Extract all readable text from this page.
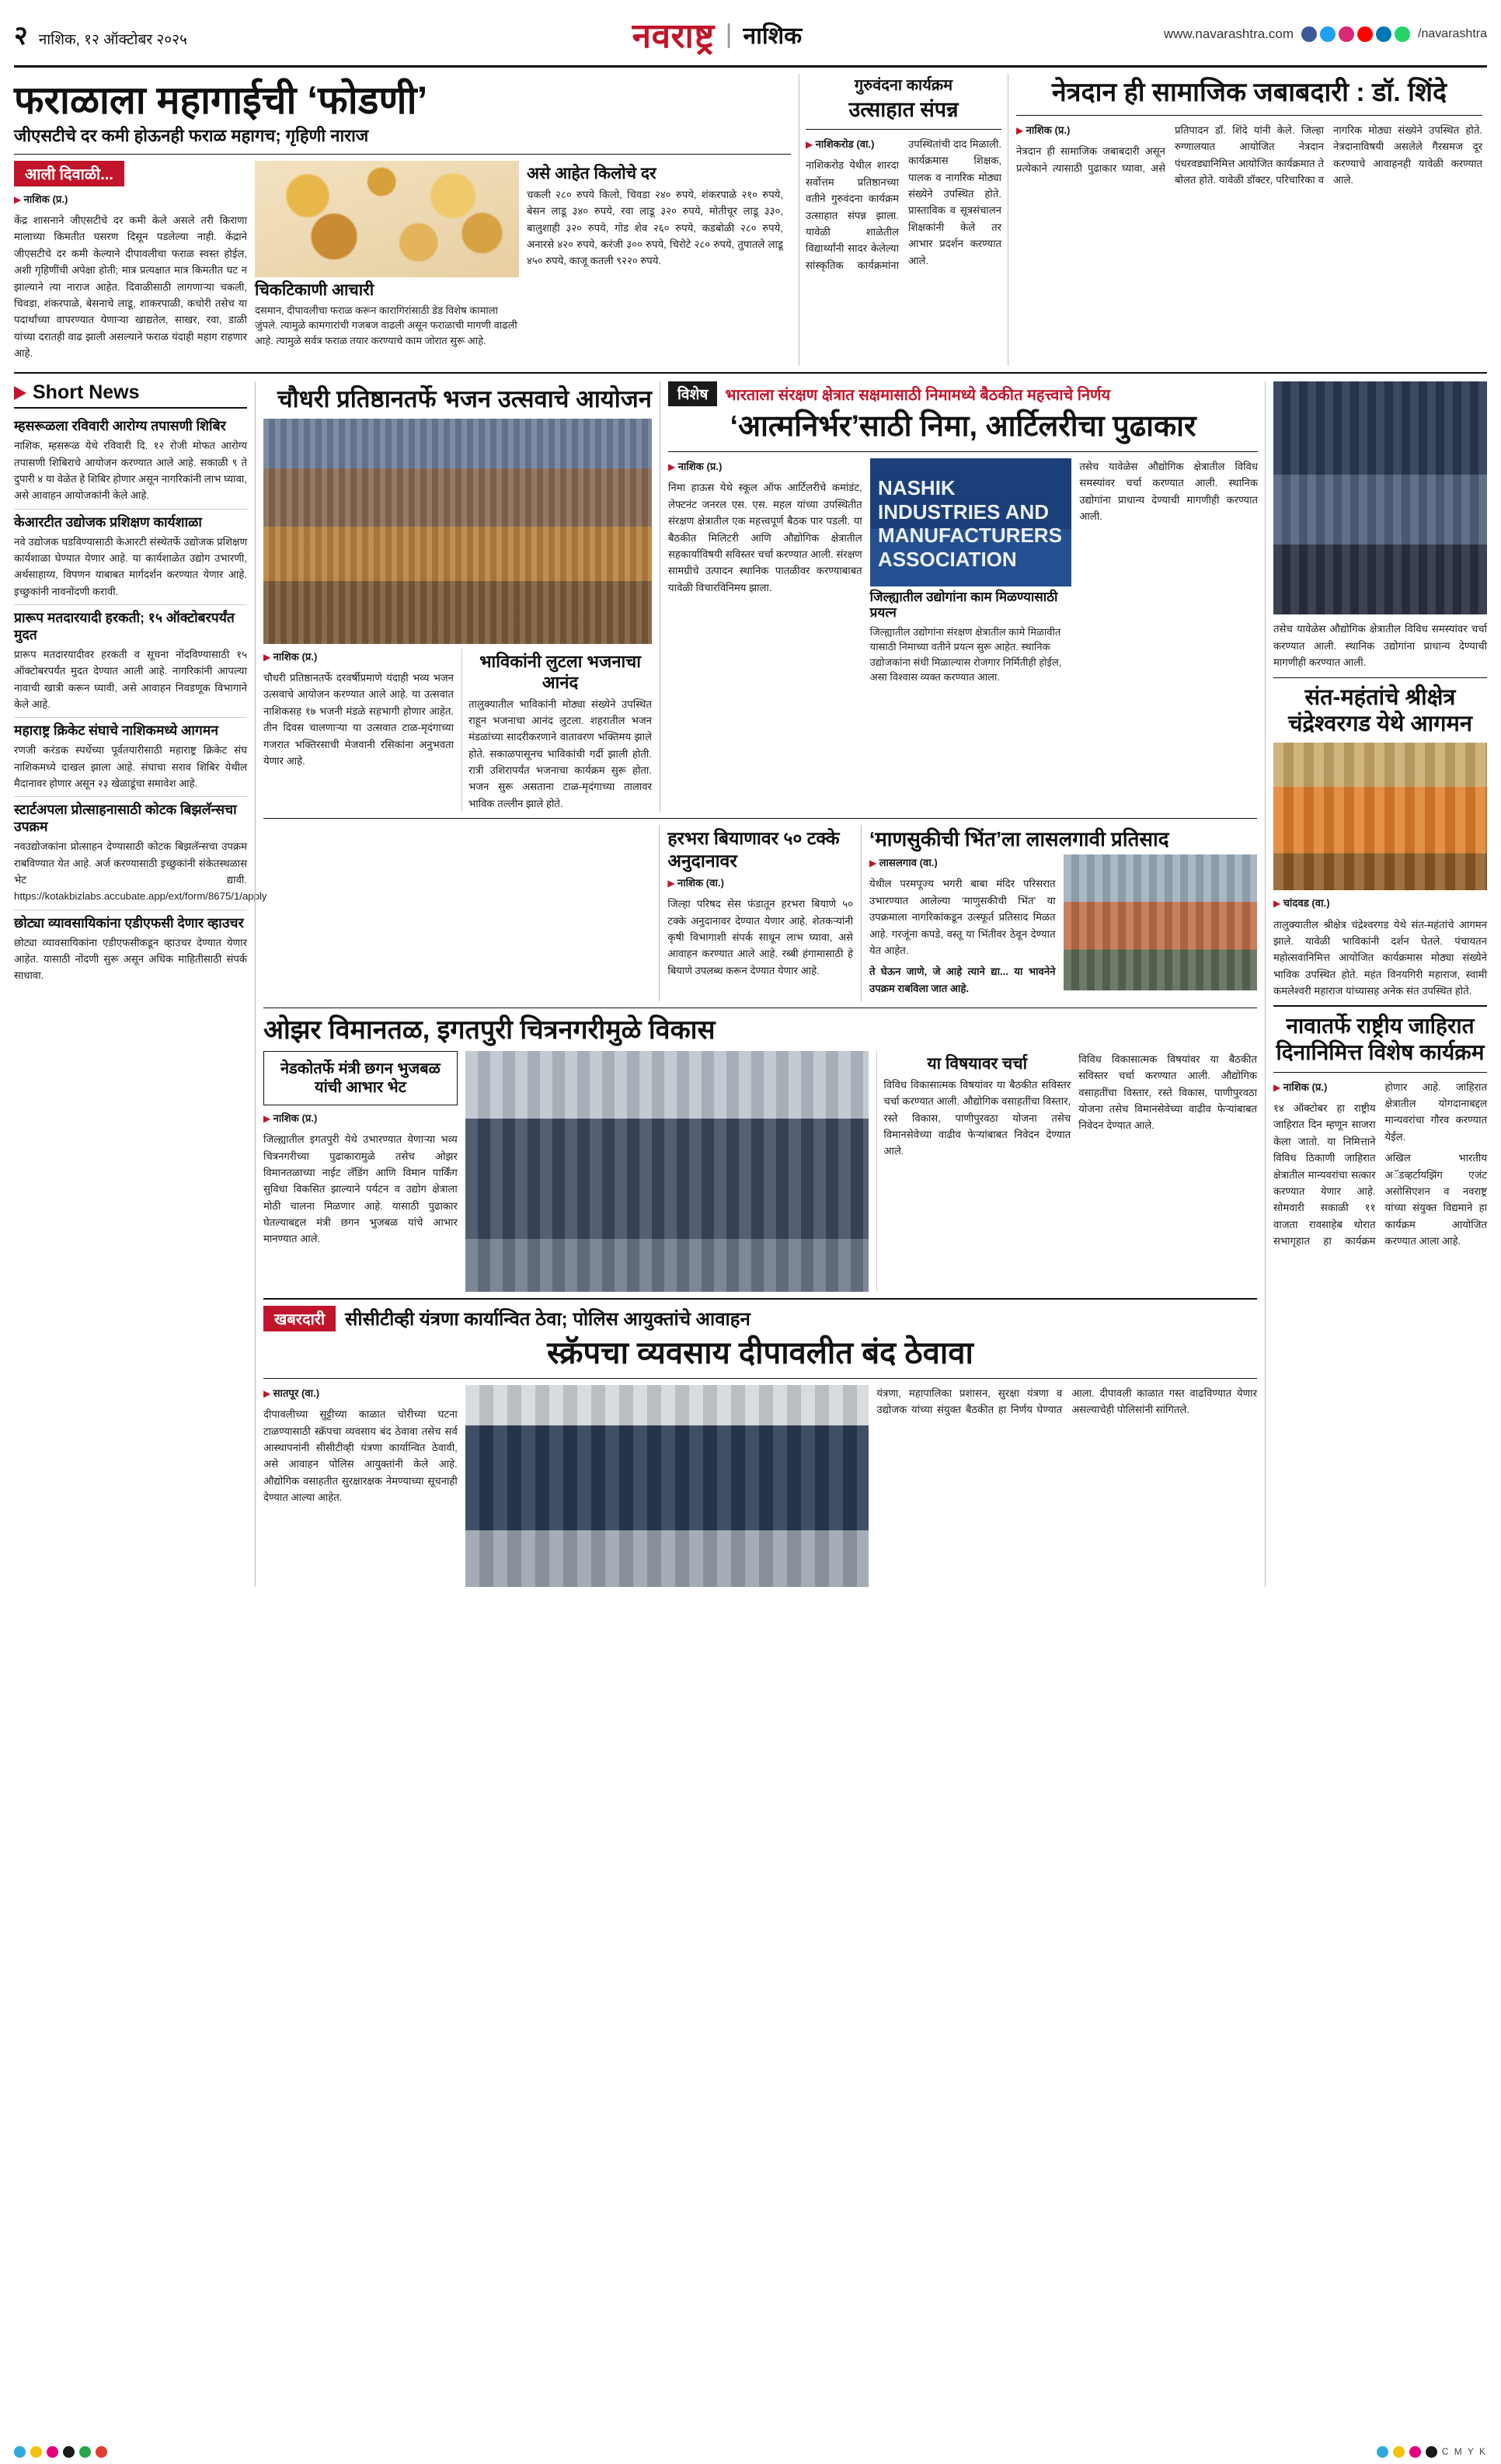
२ नाशिक, १२ ऑक्टोबर २०२५	नवराष्ट्र | नाशिक	www.navarashtra.com	/navarashtra
फराळाला महागाईची ‘फोडणी’
जीएसटीचे दर कमी होऊनही फराळ महागच; गृहिणी नाराज
आली दिवाळी...

▶ नाशिक (प्र.)

केंद्र शासनाने जीएसटीचे दर कमी केले असले तरी किराणा मालाच्या किमतीत घसरण दिसून पडलेल्या नाही. केंद्राने जीएसटीचे दर कमी केल्याने दीपावलीचा फराळ स्वस्त होईल, अशी गृहिणींची अपेक्षा होती; मात्र प्रत्यक्षात मात्र किमतीत घट न झाल्याने त्या नाराज आहेत. दिवाळीसाठी लागणाऱ्या चकली, चिवडा, शंकरपाळे, बेसनाचे लाडू, शाकरपाळी, कचोरी तसेच या पदार्थांच्या वापरण्यात येणाऱ्या खाद्यतेल, साखर, रवा, डाळी यांच्या दरातही वाढ झाली असल्याने फराळ यंदाही महाग राहणार आहे.

चिकटिकाणी आचारी
दसमान, दीपावलीचा फराळ करून कारागिरांसाठी डेड विशेष कामाला जुंपले. त्यामुळे कामगारांची गजबज वाढली असून फराळाची मागणी वाढली आहे. त्यामुळे सर्वत्र फराळ तयार करण्याचे काम जोरात सुरू आहे.
असे आहेत किलोचे दर
चकली २८० रुपये किलो, चिवडा २४० रुपये, शंकरपाळे २१० रुपये, बेसन लाडू ३४० रुपये, रवा लाडू ३२० रुपये, मोतीचूर लाडू ३३०, बालुशाही ३२० रुपये, गोड शेव २६० रुपये, कडबोळी २८० रुपये, अनारसे ४२० रुपये, करंजी ३०० रुपये, चिरोटे २८० रुपये, तुपातले लाडू ४५० रुपये, काजू कतली ९२२० रुपये.
गुरुवंदना कार्यक्रम
उत्साहात संपन्न

▶ नाशिकरोड (वा.)

नाशिकरोड येथील शारदा सर्वोत्तम प्रतिष्ठानच्या वतीने गुरुवंदना कार्यक्रम उत्साहात संपन्न झाला. यावेळी शाळेतील विद्यार्थ्यांनी सादर केलेल्या सांस्कृतिक कार्यक्रमांना उपस्थितांची दाद मिळाली. कार्यक्रमास शिक्षक, पालक व नागरिक मोठ्या संख्येने उपस्थित होते. प्रास्ताविक व सूत्रसंचालन शिक्षकांनी केले तर आभार प्रदर्शन करण्यात आले.

नेत्रदान ही सामाजिक जबाबदारी : डॉ. शिंदे

▶ नाशिक (प्र.)

नेत्रदान ही सामाजिक जबाबदारी असून प्रत्येकाने त्यासाठी पुढाकार घ्यावा, असे प्रतिपादन डॉ. शिंदे यांनी केले. जिल्हा रुग्णालयात आयोजित नेत्रदान पंधरवड्यानिमित्त आयोजित कार्यक्रमात ते बोलत होते. यावेळी डॉक्टर, परिचारिका व नागरिक मोठ्या संख्येने उपस्थित होते. नेत्रदानाविषयी असलेले गैरसमज दूर करण्याचे आवाहनही यावेळी करण्यात आले.

Short News
म्हसरूळला रविवारी आरोग्य तपासणी शिबिर
नाशिक, म्हसरूळ येथे रविवारी दि. १२ रोजी मोफत आरोग्य तपासणी शिबिराचे आयोजन करण्यात आले आहे. सकाळी ९ ते दुपारी ४ या वेळेत हे शिबिर होणार असून नागरिकांनी लाभ घ्यावा, असे आवाहन आयोजकांनी केले आहे.
केआरटीत उद्योजक प्रशिक्षण कार्यशाळा
नवे उद्योजक घडविण्यासाठी केआरटी संस्थेतर्फे उद्योजक प्रशिक्षण कार्यशाळा घेण्यात येणार आहे. या कार्यशाळेत उद्योग उभारणी, अर्थसाहाय्य, विपणन याबाबत मार्गदर्शन करण्यात येणार आहे. इच्छुकांनी नावनोंदणी करावी.
प्रारूप मतदारयादी हरकती; १५ ऑक्टोबरपर्यंत मुदत
प्रारूप मतदारयादीवर हरकती व सूचना नोंदविण्यासाठी १५ ऑक्टोबरपर्यंत मुदत देण्यात आली आहे. नागरिकांनी आपल्या नावाची खात्री करून घ्यावी, असे आवाहन निवडणूक विभागाने केले आहे.
महाराष्ट्र क्रिकेट संघाचे नाशिकमध्ये आगमन
रणजी करंडक स्पर्धेच्या पूर्वतयारीसाठी महाराष्ट्र क्रिकेट संघ नाशिकमध्ये दाखल झाला आहे. संघाचा सराव शिबिर येथील मैदानावर होणार असून २३ खेळाडूंचा समावेश आहे.
स्टार्टअपला प्रोत्साहनासाठी कोटक बिझलॅन्सचा उपक्रम
नवउद्योजकांना प्रोत्साहन देण्यासाठी कोटक बिझलॅन्सचा उपक्रम राबविण्यात येत आहे. अर्ज करण्यासाठी इच्छुकांनी संकेतस्थळास भेट द्यावी. https://kotakbizlabs.accubate.app/ext/form/8675/1/apply
छोट्या व्यावसायिकांना एडीएफसी देणार व्हाउचर
छोट्या व्यावसायिकांना एडीएफसीकडून व्हाउचर देण्यात येणार आहेत. यासाठी नोंदणी सुरू असून अधिक माहितीसाठी संपर्क साधावा.
चौधरी प्रतिष्ठानतर्फे भजन उत्सवाचे आयोजन

▶ नाशिक (प्र.)

चौधरी प्रतिष्ठानतर्फे दरवर्षीप्रमाणे यंदाही भव्य भजन उत्सवाचे आयोजन करण्यात आले आहे. या उत्सवात नाशिकसह १७ भजनी मंडळे सहभागी होणार आहेत. तीन दिवस चालणाऱ्या या उत्सवात टाळ-मृदंगाच्या गजरात भक्तिरसाची मेजवानी रसिकांना अनुभवता येणार आहे.

भाविकांनी लुटला भजनाचा आनंद
तालुक्यातील भाविकांनी मोठ्या संख्येने उपस्थित राहून भजनाचा आनंद लुटला. शहरातील भजन मंडळांच्या सादरीकरणाने वातावरण भक्तिमय झाले होते. सकाळपासूनच भाविकांची गर्दी झाली होती. रात्री उशिरापर्यंत भजनाचा कार्यक्रम सुरू होता. भजन सुरू असताना टाळ-मृदंगाच्या तालावर भाविक तल्लीन झाले होते.
विशेष	भारताला संरक्षण क्षेत्रात सक्षमासाठी निमामध्ये बैठकीत महत्त्वाचे निर्णय
‘आत्मनिर्भर’साठी निमा, आर्टिलरीचा पुढाकार

▶ नाशिक (प्र.)

निमा हाऊस येथे स्कूल ऑफ आर्टिलरीचे कमांडंट, लेफ्टनंट जनरल एस. एस. महल यांच्या उपस्थितीत संरक्षण क्षेत्रातील एक महत्त्वपूर्ण बैठक पार पडली. या बैठकीत मिलिटरी आणि औद्योगिक क्षेत्रातील सहकार्याविषयी सविस्तर चर्चा करण्यात आली. संरक्षण सामग्रीचे उत्पादन स्थानिक पातळीवर करण्याबाबत यावेळी विचारविनिमय झाला.

NASHIK INDUSTRIES AND MANUFACTURERS ASSOCIATION
जिल्ह्यातील उद्योगांना काम मिळण्यासाठी प्रयत्न
जिल्ह्यातील उद्योगांना संरक्षण क्षेत्रातील कामे मिळावीत यासाठी निमाच्या वतीने प्रयत्न सुरू आहेत. स्थानिक उद्योजकांना संधी मिळाल्यास रोजगार निर्मितीही होईल, असा विश्वास व्यक्त करण्यात आला.

तसेच यावेळेस औद्योगिक क्षेत्रातील विविध समस्यांवर चर्चा करण्यात आली. स्थानिक उद्योगांना प्राधान्य देण्याची मागणीही करण्यात आली.

हरभरा बियाणावर ५० टक्के अनुदानावर

▶ नाशिक (वा.)

जिल्हा परिषद सेस फंडातून हरभरा बियाणे ५० टक्के अनुदानावर देण्यात येणार आहे. शेतकऱ्यांनी कृषी विभागाशी संपर्क साधून लाभ घ्यावा, असे आवाहन करण्यात आले आहे. रब्बी हंगामासाठी हे बियाणे उपलब्ध करून देण्यात येणार आहे.

‘माणसुकीची भिंत’ला लासलगावी प्रतिसाद

▶ लासलगाव (वा.)

येथील परमपूज्य भगरी बाबा मंदिर परिसरात उभारण्यात आलेल्या ‘माणुसकीची भिंत’ या उपक्रमाला नागरिकांकडून उत्स्फूर्त प्रतिसाद मिळत आहे. गरजूंना कपडे, वस्तू या भिंतीवर ठेवून देण्यात येत आहेत.

ते घेऊन जाणे, जे आहे त्याने द्या... या भावनेने उपक्रम राबविला जात आहे.

ओझर विमानतळ, इगतपुरी चित्रनगरीमुळे विकास
नेडकोतर्फे मंत्री छगन भुजबळ यांची आभार भेट

▶ नाशिक (प्र.)

जिल्ह्यातील इगतपुरी येथे उभारण्यात येणाऱ्या भव्य चित्रनगरीच्या पुढाकारामुळे तसेच ओझर विमानतळाच्या नाईट लँडिंग आणि विमान पार्किंग सुविधा विकसित झाल्याने पर्यटन व उद्योग क्षेत्राला मोठी चालना मिळणार आहे. यासाठी पुढाकार घेतल्याबद्दल मंत्री छगन भुजबळ यांचे आभार मानण्यात आले.

या विषयावर चर्चा
विविध विकासात्मक विषयांवर या बैठकीत सविस्तर चर्चा करण्यात आली. औद्योगिक वसाहतींचा विस्तार, रस्ते विकास, पाणीपुरवठा योजना तसेच विमानसेवेच्या वाढीव फेऱ्यांबाबत निवेदन देण्यात आले.

विविध विकासात्मक विषयांवर या बैठकीत सविस्तर चर्चा करण्यात आली. औद्योगिक वसाहतींचा विस्तार, रस्ते विकास, पाणीपुरवठा योजना तसेच विमानसेवेच्या वाढीव फेऱ्यांबाबत निवेदन देण्यात आले.

खबरदारी	सीसीटीव्ही यंत्रणा कार्यान्वित ठेवा; पोलिस आयुक्तांचे आवाहन
स्क्रॅपचा व्यवसाय दीपावलीत बंद ठेवावा

▶ सातपूर (वा.)

दीपावलीच्या सुट्टीच्या काळात चोरीच्या घटना टाळण्यासाठी स्क्रॅपचा व्यवसाय बंद ठेवावा तसेच सर्व आस्थापनांनी सीसीटीव्ही यंत्रणा कार्यान्वित ठेवावी, असे आवाहन पोलिस आयुक्तांनी केले आहे. औद्योगिक वसाहतीत सुरक्षारक्षक नेमण्याच्या सूचनाही देण्यात आल्या आहेत.

यंत्रणा, महापालिका प्रशासन, सुरक्षा यंत्रणा व उद्योजक यांच्या संयुक्त बैठकीत हा निर्णय घेण्यात आला. दीपावली काळात गस्त वाढविण्यात येणार असल्याचेही पोलिसांनी सांगितले.

तसेच यावेळेस औद्योगिक क्षेत्रातील विविध समस्यांवर चर्चा करण्यात आली. स्थानिक उद्योगांना प्राधान्य देण्याची मागणीही करण्यात आली.

संत-महंतांचे श्रीक्षेत्र चंद्रेश्वरगड येथे आगमन

▶ चांदवड (वा.)

तालुक्यातील श्रीक्षेत्र चंद्रेश्वरगड येथे संत-महंतांचे आगमन झाले. यावेळी भाविकांनी दर्शन घेतले. पंचायतन महोत्सवानिमित्त आयोजित कार्यक्रमास मोठ्या संख्येने भाविक उपस्थित होते. महंत विनयगिरी महाराज, स्वामी कमलेश्वरी महाराज यांच्यासह अनेक संत उपस्थित होते.

नावातर्फे राष्ट्रीय जाहिरात दिनानिमित्त विशेष कार्यक्रम

▶ नाशिक (प्र.)

१४ ऑक्टोबर हा राष्ट्रीय जाहिरात दिन म्हणून साजरा केला जातो. या निमित्ताने विविध ठिकाणी जाहिरात क्षेत्रातील मान्यवरांचा सत्कार करण्यात येणार आहे. सोमवारी सकाळी ११ वाजता रावसाहेब थोरात सभागृहात हा कार्यक्रम होणार आहे. जाहिरात क्षेत्रातील योगदानाबद्दल मान्यवरांचा गौरव करण्यात येईल.

अखिल भारतीय अॅडव्हर्टायझिंग एजंट असोसिएशन व नवराष्ट्र यांच्या संयुक्त विद्यमाने हा कार्यक्रम आयोजित करण्यात आला आहे.

C M Y K
